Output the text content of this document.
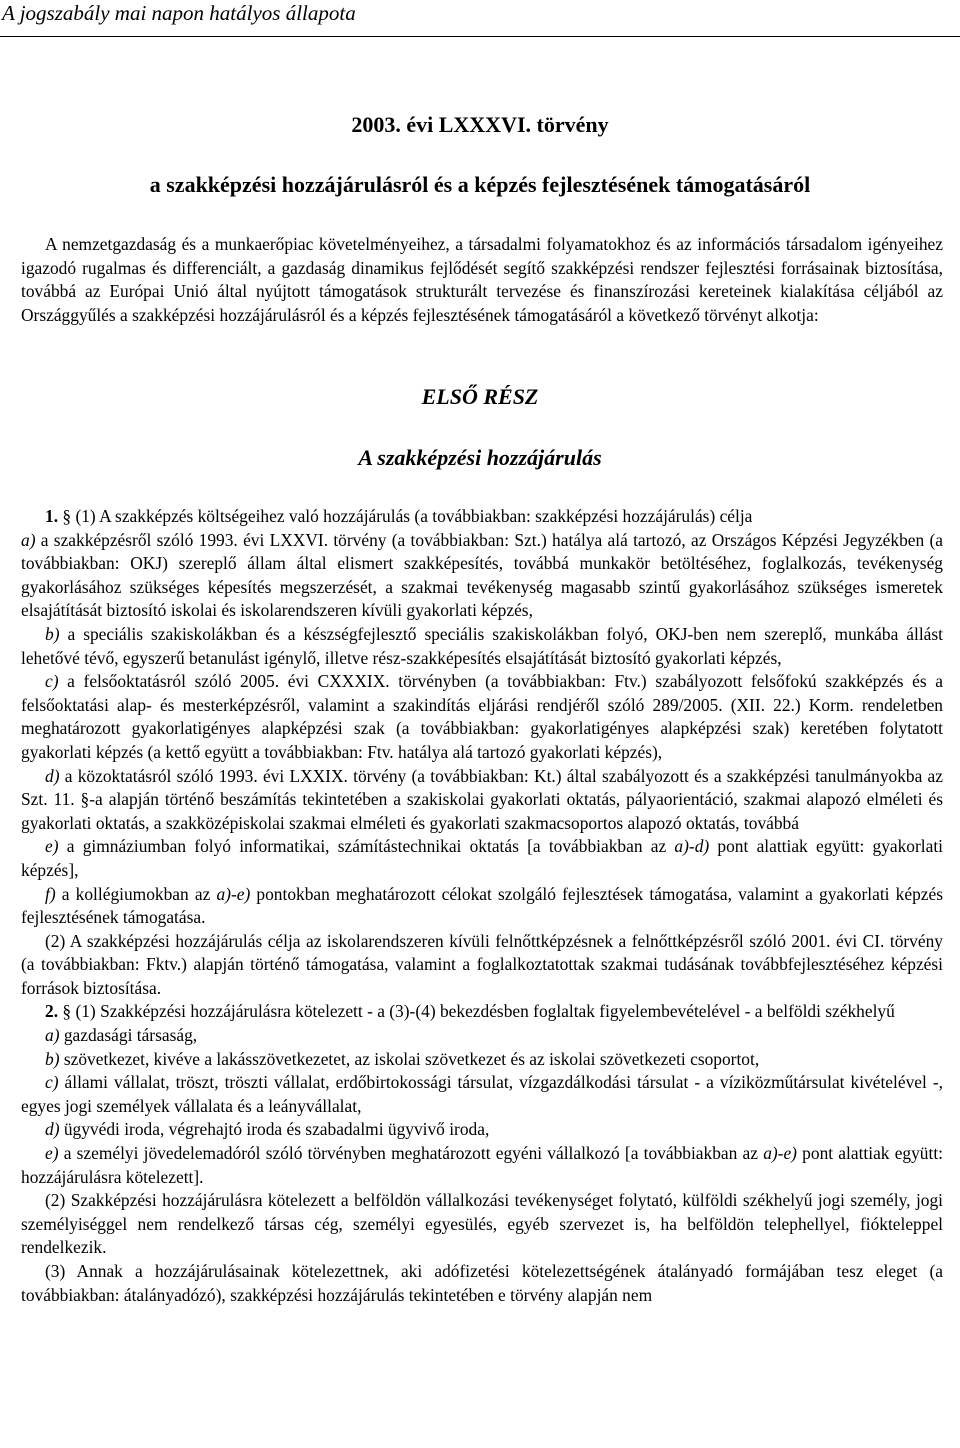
A jogszabály mai napon hatályos állapota
2003. évi LXXXVI. törvény
a szakképzési hozzájárulásról és a képzés fejlesztésének támogatásáról

A nemzetgazdaság és a munkaerőpiac követelményeihez, a társadalmi folyamatokhoz és az információs társadalom igényeihez igazodó rugalmas és differenciált, a gazdaság dinamikus fejlődését segítő szakképzési rendszer fejlesztési forrásainak biztosítása, továbbá az Európai Unió által nyújtott támogatások strukturált tervezése és finanszírozási kereteinek kialakítása céljából az Országgyűlés a szakképzési hozzájárulásról és a képzés fejlesztésének támogatásáról a következő törvényt alkotja:

ELSŐ RÉSZ
A szakképzési hozzájárulás

1. § (1) A szakképzés költségeihez való hozzájárulás (a továbbiakban: szakképzési hozzájárulás) célja

a) a szakképzésről szóló 1993. évi LXXVI. törvény (a továbbiakban: Szt.) hatálya alá tartozó, az Országos Képzési Jegyzékben (a továbbiakban: OKJ) szereplő állam által elismert szakképesítés, továbbá munkakör betöltéséhez, foglalkozás, tevékenység gyakorlásához szükséges képesítés megszerzését, a szakmai tevékenység magasabb szintű gyakorlásához szükséges ismeretek elsajátítását biztosító iskolai és iskolarendszeren kívüli gyakorlati képzés,

b) a speciális szakiskolákban és a készségfejlesztő speciális szakiskolákban folyó, OKJ-ben nem szereplő, munkába állást lehetővé tévő, egyszerű betanulást igénylő, illetve rész-szakképesítés elsajátítását biztosító gyakorlati képzés,

c) a felsőoktatásról szóló 2005. évi CXXXIX. törvényben (a továbbiakban: Ftv.) szabályozott felsőfokú szakképzés és a felsőoktatási alap- és mesterképzésről, valamint a szakindítás eljárási rendjéről szóló 289/2005. (XII. 22.) Korm. rendeletben meghatározott gyakorlatigényes alapképzési szak (a továbbiakban: gyakorlatigényes alapképzési szak) keretében folytatott gyakorlati képzés (a kettő együtt a továbbiakban: Ftv. hatálya alá tartozó gyakorlati képzés),

d) a közoktatásról szóló 1993. évi LXXIX. törvény (a továbbiakban: Kt.) által szabályozott és a szakképzési tanulmányokba az Szt. 11. §-a alapján történő beszámítás tekintetében a szakiskolai gyakorlati oktatás, pályaorientáció, szakmai alapozó elméleti és gyakorlati oktatás, a szakközépiskolai szakmai elméleti és gyakorlati szakmacsoportos alapozó oktatás, továbbá

e) a gimnáziumban folyó informatikai, számítástechnikai oktatás [a továbbiakban az a)-d) pont alattiak együtt: gyakorlati képzés],

f) a kollégiumokban az a)-e) pontokban meghatározott célokat szolgáló fejlesztések támogatása, valamint a gyakorlati képzés fejlesztésének támogatása.

(2) A szakképzési hozzájárulás célja az iskolarendszeren kívüli felnőttképzésnek a felnőttképzésről szóló 2001. évi CI. törvény (a továbbiakban: Fktv.) alapján történő támogatása, valamint a foglalkoztatottak szakmai tudásának továbbfejlesztéséhez képzési források biztosítása.

2. § (1) Szakképzési hozzájárulásra kötelezett - a (3)-(4) bekezdésben foglaltak figyelembevételével - a belföldi székhelyű

a) gazdasági társaság,

b) szövetkezet, kivéve a lakásszövetkezetet, az iskolai szövetkezet és az iskolai szövetkezeti csoportot,

c) állami vállalat, tröszt, tröszti vállalat, erdőbirtokossági társulat, vízgazdálkodási társulat - a víziközműtársulat kivételével -, egyes jogi személyek vállalata és a leányvállalat,

d) ügyvédi iroda, végrehajtó iroda és szabadalmi ügyvivő iroda,

e) a személyi jövedelemadóról szóló törvényben meghatározott egyéni vállalkozó [a továbbiakban az a)-e) pont alattiak együtt: hozzájárulásra kötelezett].

(2) Szakképzési hozzájárulásra kötelezett a belföldön vállalkozási tevékenységet folytató, külföldi székhelyű jogi személy, jogi személyiséggel nem rendelkező társas cég, személyi egyesülés, egyéb szervezet is, ha belföldön telephellyel, fiókteleppel rendelkezik.

(3) Annak a hozzájárulásainak kötelezettnek, aki adófizetési kötelezettségének átalányadó formájában tesz eleget (a továbbiakban: átalányadózó), szakképzési hozzájárulás tekintetében e törvény alapján nem
